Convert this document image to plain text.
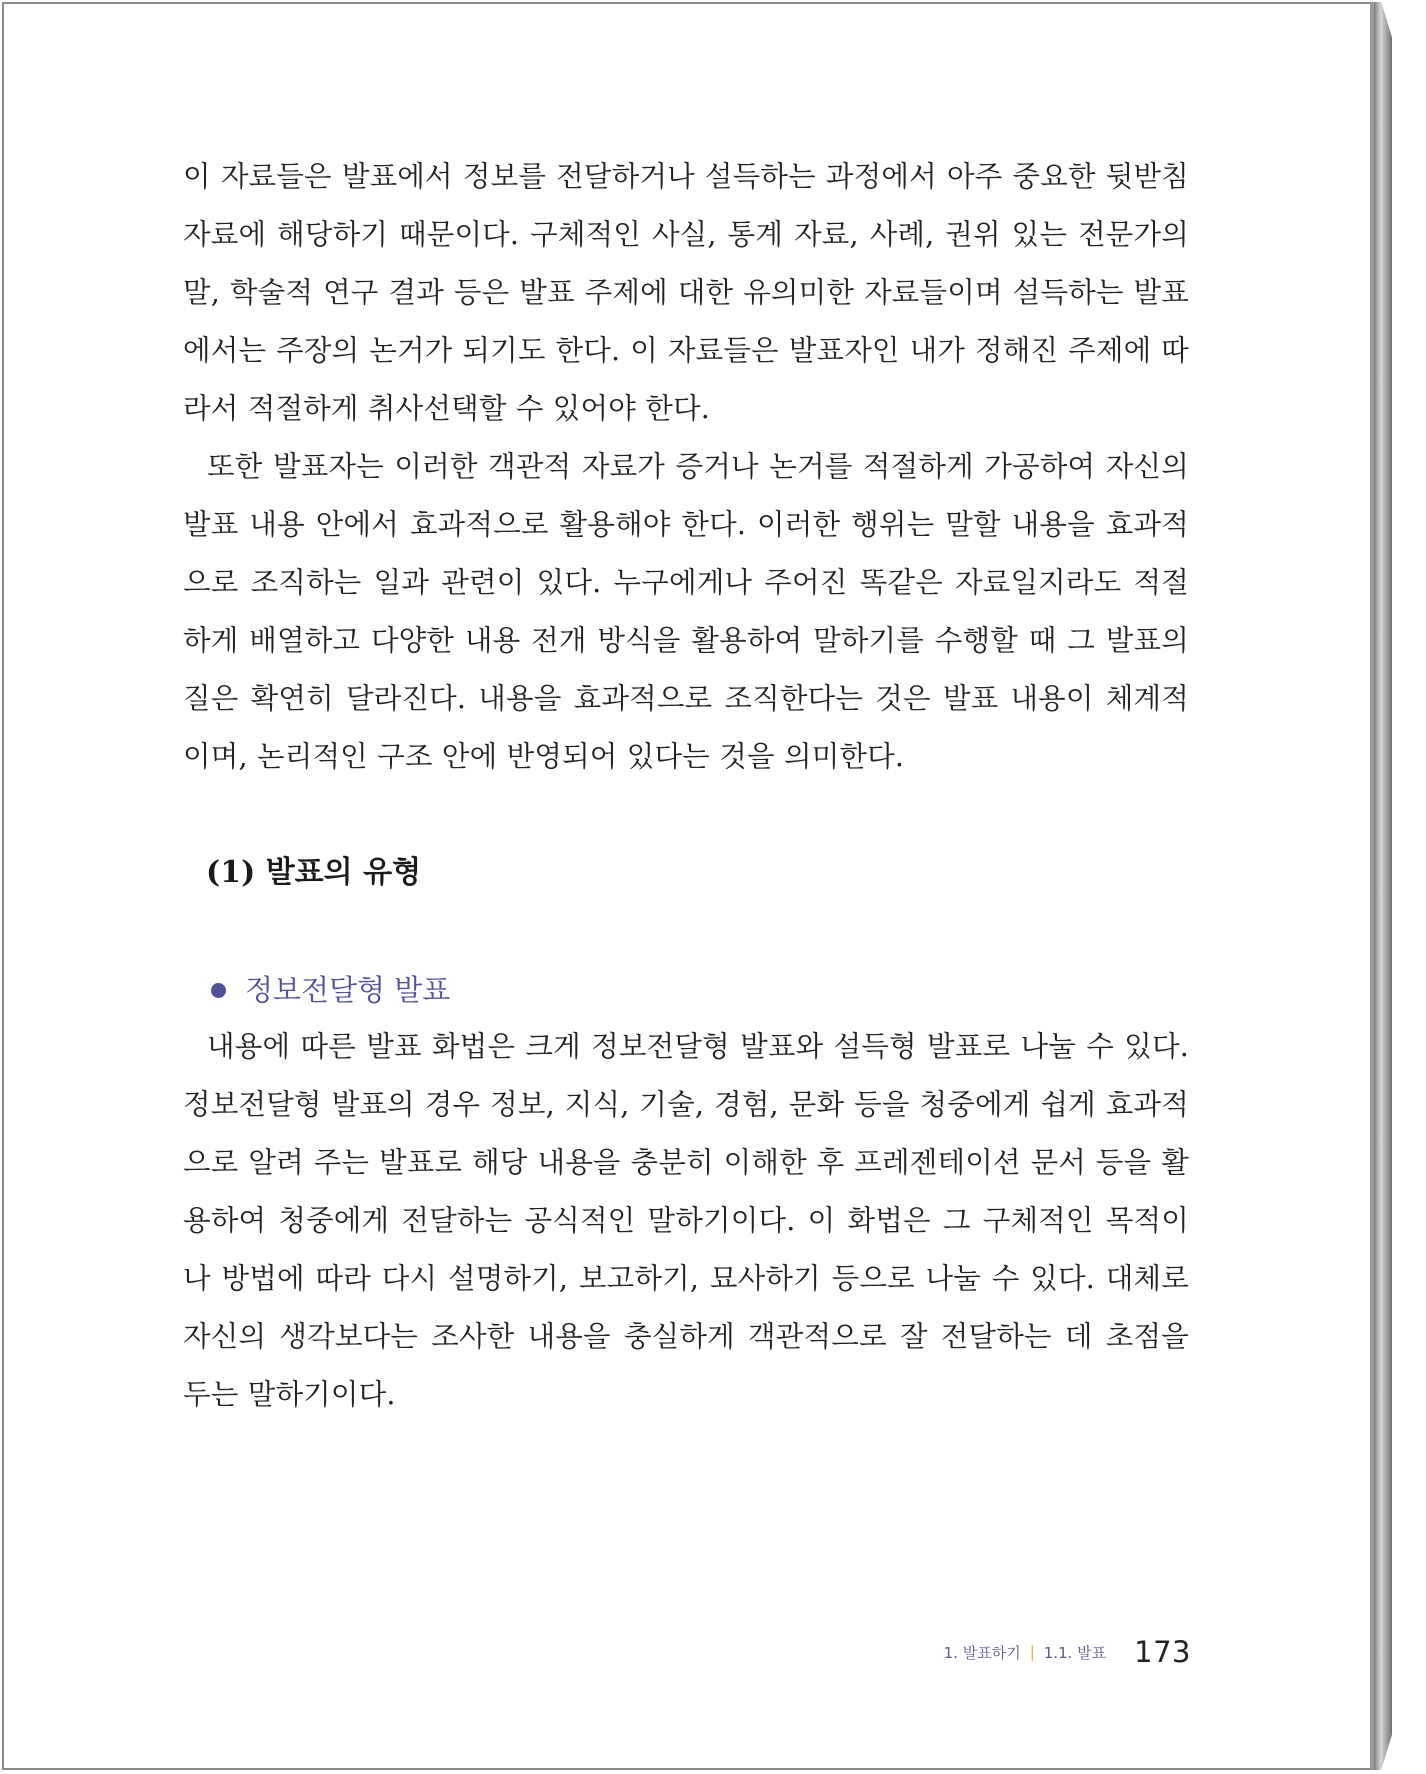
이 자료들은 발표에서 정보를 전달하거나 설득하는 과정에서 아주 중요한 뒷받침 자료에 해당하기 때문이다. 구체적인 사실, 통계 자료, 사례, 권위 있는 전문가의 말, 학술적 연구 결과 등은 발표 주제에 대한 유의미한 자료들이며 설득하는 발표에서는 주장의 논거가 되기도 한다. 이 자료들은 발표자인 내가 정해진 주제에 따라서 적절하게 취사선택할 수 있어야 한다.

또한 발표자는 이러한 객관적 자료가 증거나 논거를 적절하게 가공하여 자신의 발표 내용 안에서 효과적으로 활용해야 한다. 이러한 행위는 말할 내용을 효과적으로 조직하는 일과 관련이 있다. 누구에게나 주어진 똑같은 자료일지라도 적절하게 배열하고 다양한 내용 전개 방식을 활용하여 말하기를 수행할 때 그 발표의 질은 확연히 달라진다. 내용을 효과적으로 조직한다는 것은 발표 내용이 체계적이며, 논리적인 구조 안에 반영되어 있다는 것을 의미한다.

(1) 발표의 유형
정보전달형 발표

내용에 따른 발표 화법은 크게 정보전달형 발표와 설득형 발표로 나눌 수 있다. 정보전달형 발표의 경우 정보, 지식, 기술, 경험, 문화 등을 청중에게 쉽게 효과적으로 알려 주는 발표로 해당 내용을 충분히 이해한 후 프레젠테이션 문서 등을 활용하여 청중에게 전달하는 공식적인 말하기이다. 이 화법은 그 구체적인 목적이나 방법에 따라 다시 설명하기, 보고하기, 묘사하기 등으로 나눌 수 있다. 대체로 자신의 생각보다는 조사한 내용을 충실하게 객관적으로 잘 전달하는 데 초점을 두는 말하기이다.

1. 발표하기 | 1.1. 발표 173
